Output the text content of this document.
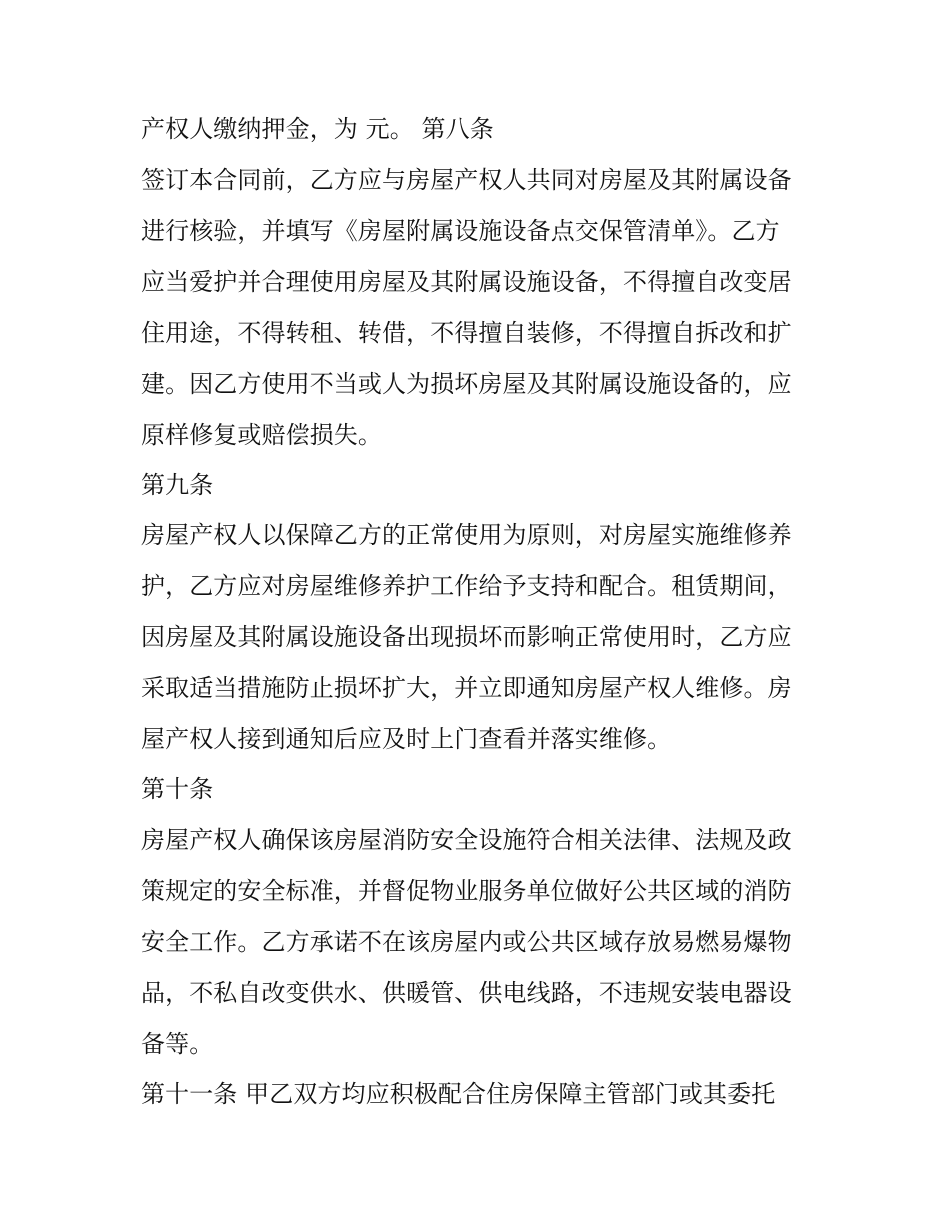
产权人缴纳押金，为 元。 第八条
签订本合同前，乙方应与房屋产权人共同对房屋及其附属设备
进行核验，并填写《房屋附属设施设备点交保管清单》。乙方
应当爱护并合理使用房屋及其附属设施设备，不得擅自改变居
住用途，不得转租、转借，不得擅自装修，不得擅自拆改和扩
建。因乙方使用不当或人为损坏房屋及其附属设施设备的，应
原样修复或赔偿损失。
第九条
房屋产权人以保障乙方的正常使用为原则，对房屋实施维修养
护，乙方应对房屋维修养护工作给予支持和配合。租赁期间，
因房屋及其附属设施设备出现损坏而影响正常使用时，乙方应
采取适当措施防止损坏扩大，并立即通知房屋产权人维修。房
屋产权人接到通知后应及时上门查看并落实维修。
第十条
房屋产权人确保该房屋消防安全设施符合相关法律、法规及政
策规定的安全标准，并督促物业服务单位做好公共区域的消防
安全工作。乙方承诺不在该房屋内或公共区域存放易燃易爆物
品，不私自改变供水、供暖管、供电线路，不违规安装电器设
备等。
第十一条 甲乙双方均应积极配合住房保障主管部门或其委托
